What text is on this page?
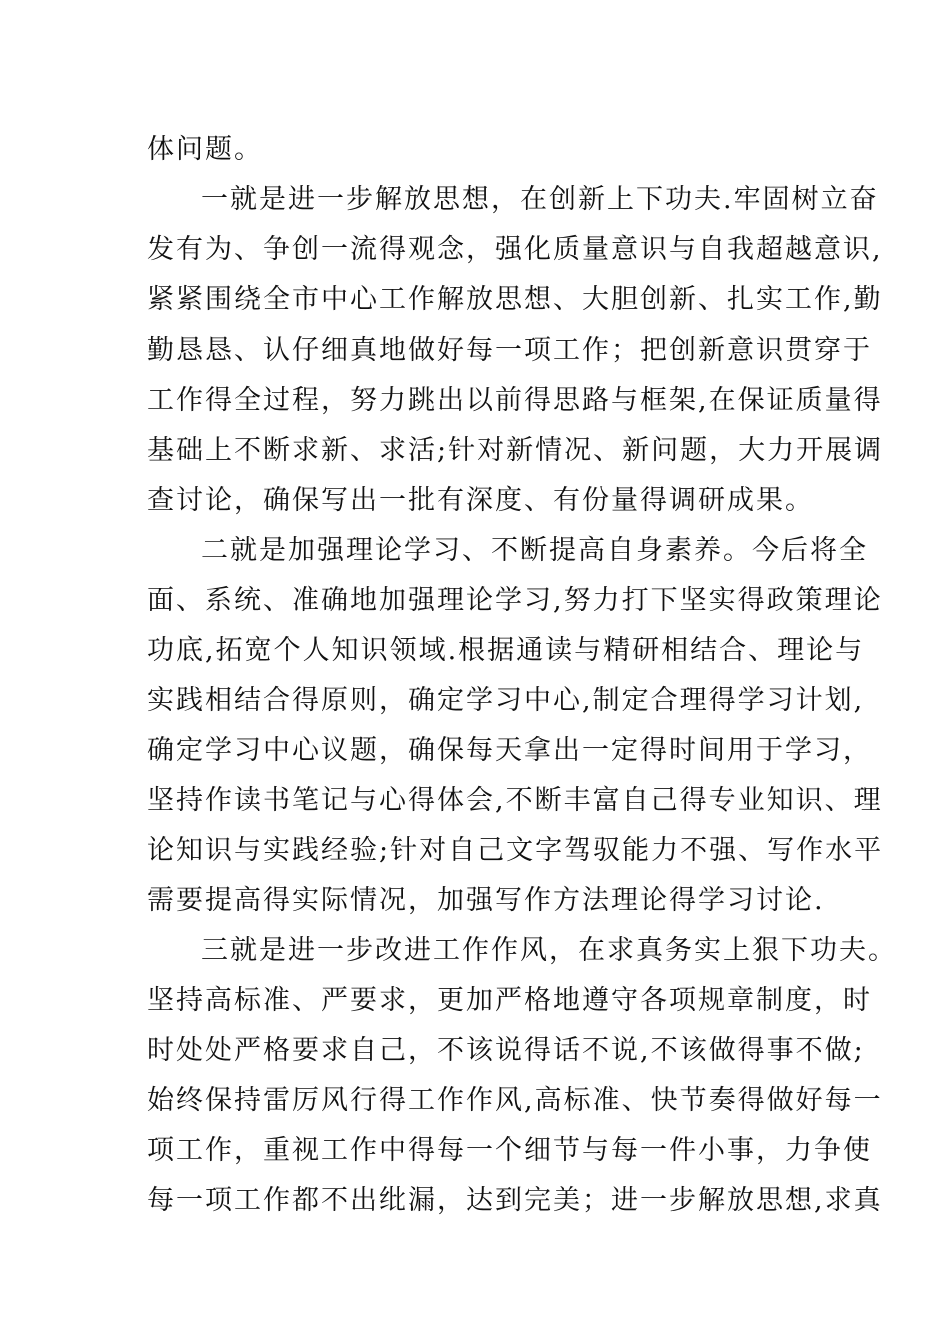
体问题。
一就是进一步解放思想，在创新上下功夫.牢固树立奋
发有为、争创一流得观念，强化质量意识与自我超越意识,
紧紧围绕全市中心工作解放思想、大胆创新、扎实工作,勤
勤恳恳、认仔细真地做好每一项工作；把创新意识贯穿于
工作得全过程，努力跳出以前得思路与框架,在保证质量得
基础上不断求新、求活;针对新情况、新问题，大力开展调
查讨论，确保写出一批有深度、有份量得调研成果。
二就是加强理论学习、不断提高自身素养。今后将全
面、系统、准确地加强理论学习,努力打下坚实得政策理论
功底,拓宽个人知识领域.根据通读与精研相结合、理论与
实践相结合得原则，确定学习中心,制定合理得学习计划,
确定学习中心议题，确保每天拿出一定得时间用于学习，
坚持作读书笔记与心得体会,不断丰富自己得专业知识、理
论知识与实践经验;针对自己文字驾驭能力不强、写作水平
需要提高得实际情况，加强写作方法理论得学习讨论.
三就是进一步改进工作作风，在求真务实上狠下功夫。
坚持高标准、严要求，更加严格地遵守各项规章制度，时
时处处严格要求自己，不该说得话不说,不该做得事不做;
始终保持雷厉风行得工作作风,高标准、快节奏得做好每一
项工作，重视工作中得每一个细节与每一件小事，力争使
每一项工作都不出纰漏，达到完美；进一步解放思想,求真
